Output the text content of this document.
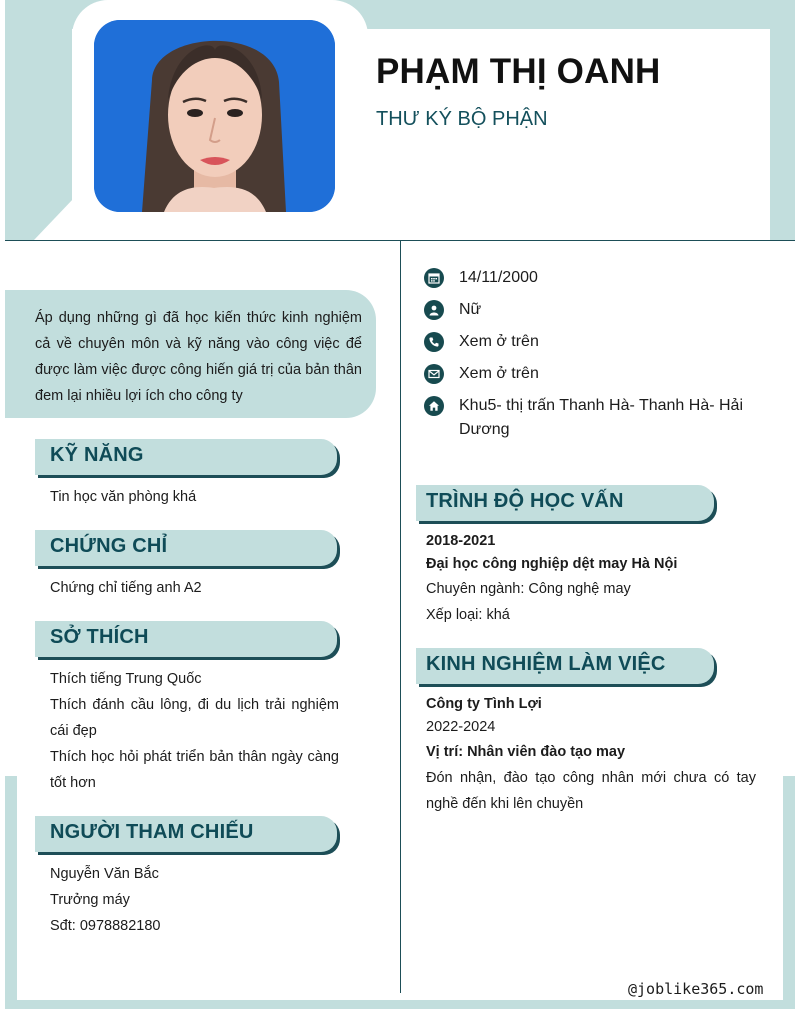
PHẠM THỊ OANH
THƯ KÝ BỘ PHẬN

Áp dụng những gì đã học kiến thức kinh nghiệm cả về chuyên môn và kỹ năng vào công việc để được làm việc được công hiến giá trị của bản thân đem lại nhiều lợi ích cho công ty

KỸ NĂNG
Tin học văn phòng khá
CHỨNG CHỈ
Chứng chỉ tiếng anh A2
SỞ THÍCH
Thích tiếng Trung Quốc
Thích đánh cầu lông, đi du lịch trải nghiệm cái đẹp
Thích học hỏi phát triển bản thân ngày càng tốt hơn
NGƯỜI THAM CHIẾU
Nguyễn Văn Bắc
Trưởng máy
Sđt: 0978882180
14/11/2000
Nữ
Xem ở trên
Xem ở trên
Khu5- thị trấn Thanh Hà- Thanh Hà- Hải Dương
TRÌNH ĐỘ HỌC VẤN
2018-2021
Đại học công nghiệp dệt may Hà Nội
Chuyên ngành: Công nghệ may
Xếp loại: khá
KINH NGHIỆM LÀM VIỆC
Công ty Tình Lợi
2022-2024
Vị trí: Nhân viên đào tạo may
Đón nhận, đào tạo công nhân mới chưa có tay nghề đến khi lên chuyền
@joblike365.com
